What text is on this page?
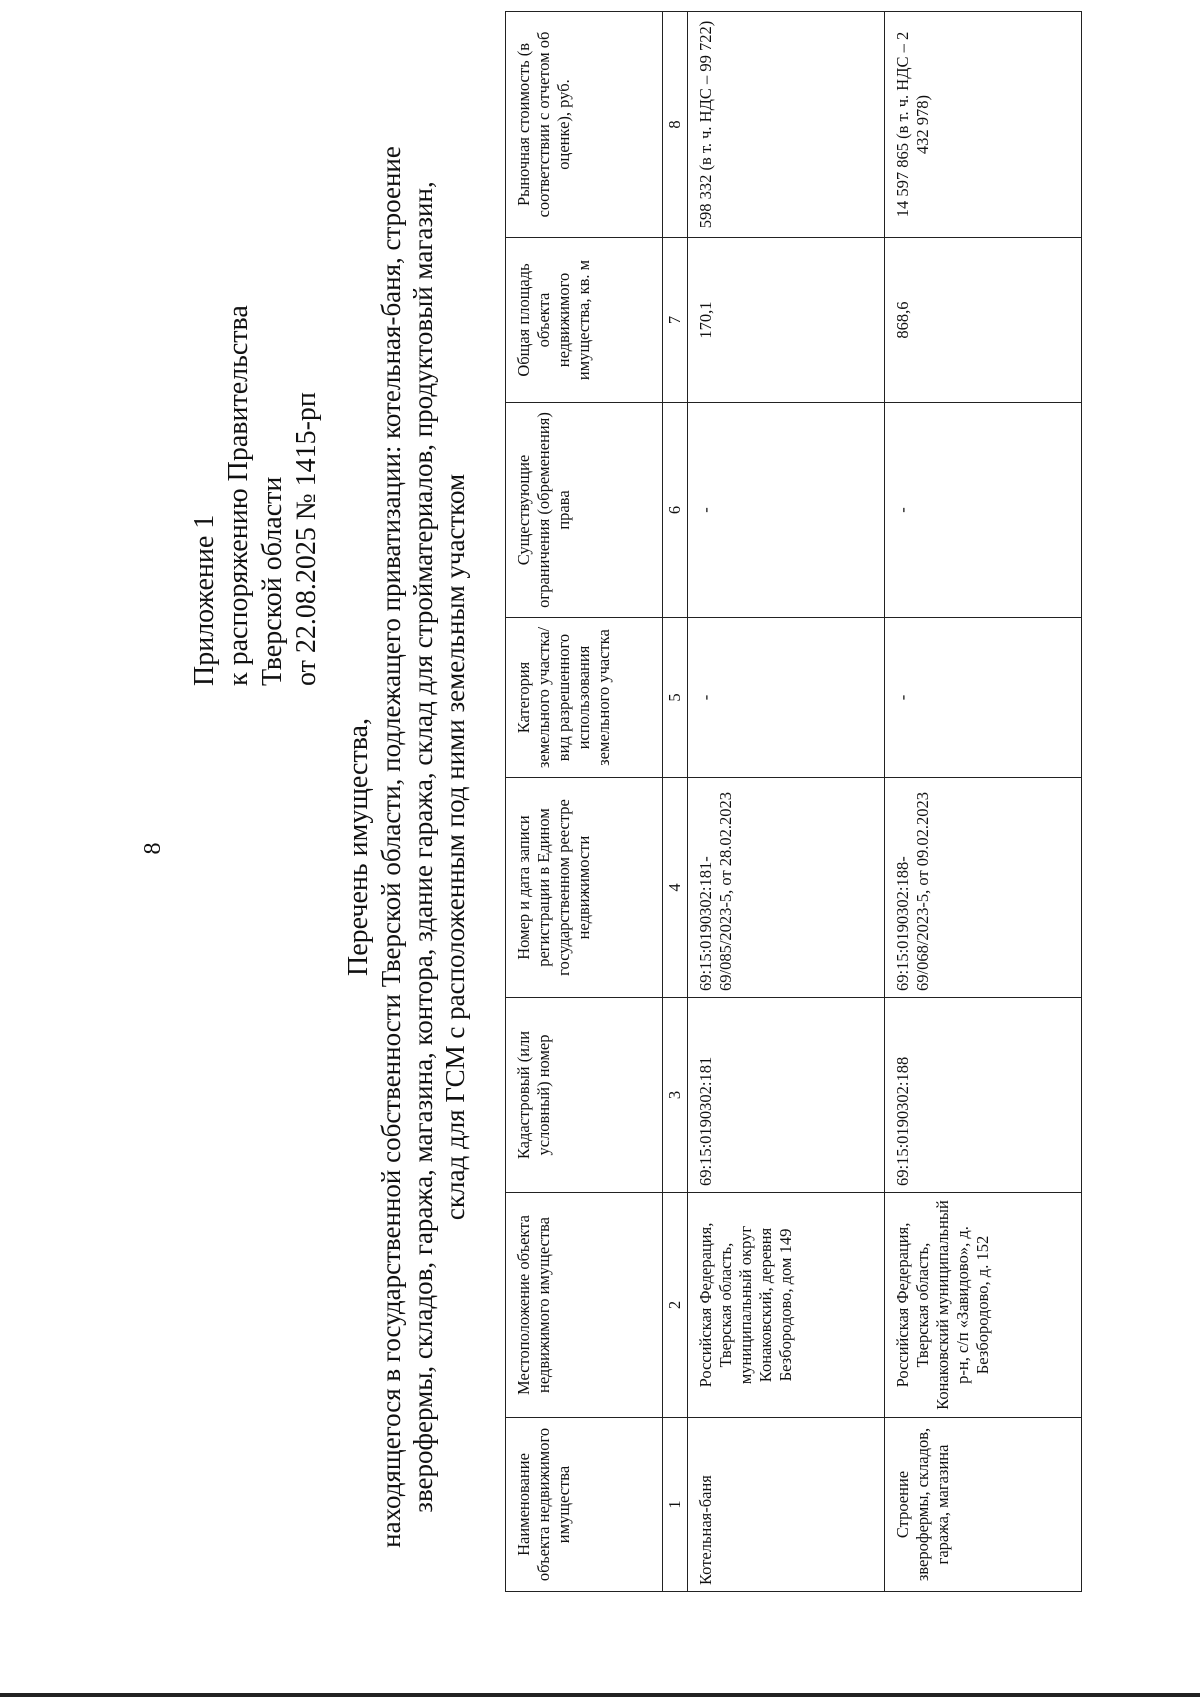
8
Приложение 1 к распоряжению Правительства Тверской области от 22.08.2025 № 1415-рп
Перечень имущества, находящегося в государственной собственности Тверской области, подлежащего приватизации: котельная-баня, строение зверофермы, складов, гаража, магазина, контора, здание гаража, склад для стройматериалов, продуктовый магазин, склад для ГСМ с расположенным под ними земельным участком
Наименование объекта недвижимого имущества	Местоположение объекта недвижимого имущества	Кадастровый (или условный) номер	Номер и дата записи регистрации в Едином государственном реестре недвижимости	Категория земельного участка/вид разрешенного использования земельного участка	Существующие ограничения (обременения) права	Общая площадь объекта недвижимого имущества, кв. м	Рыночная стоимость (в соответствии с отчетом об оценке), руб.
1	2	3	4	5	6	7	8
Котельная-баня	Российская Федерация, Тверская область, муниципальный округ Конаковский, деревня Безбородово, дом 149	69:15:0190302:181	69:15:0190302:181-69/085/2023-5, от 28.02.2023	-	-	170,1	598 332 (в т. ч. НДС – 99 722)
Строение зверофермы, складов, гаража, магазина	Российская Федерация, Тверская область, Конаковский муниципальный р-н, с/п «Завидово», д. Безбородово, д. 152	69:15:0190302:188	69:15:0190302:188-69/068/2023-5, от 09.02.2023	-	-	868,6	14 597 865 (в т. ч. НДС – 2 432 978)
